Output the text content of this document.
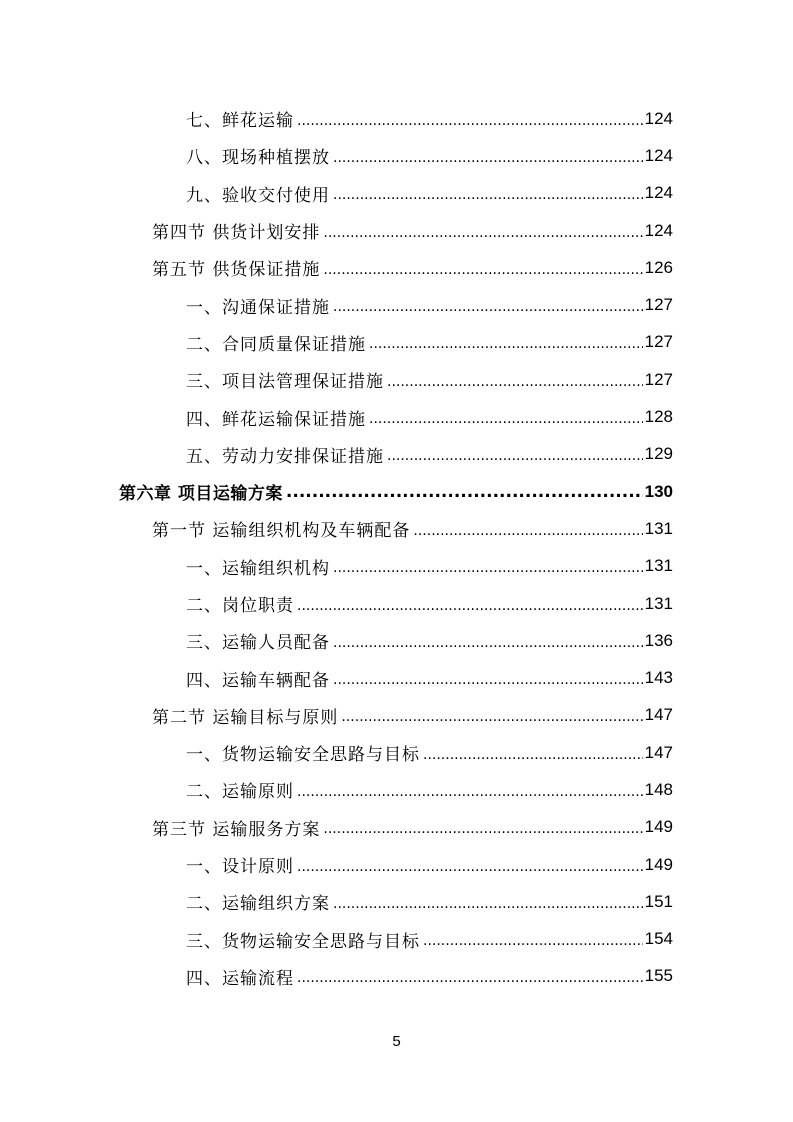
七、鲜花运输 .....	124
八、现场种植摆放 .....	124
九、验收交付使用 .....	124
第四节 供货计划安排 .....	124
第五节 供货保证措施 .....	126
一、沟通保证措施 .....	127
二、合同质量保证措施 .....	127
三、项目法管理保证措施 .....	127
四、鲜花运输保证措施 .....	128
五、劳动力安排保证措施 .....	129
第六章 项目运输方案 .....	130
第一节 运输组织机构及车辆配备 .....	131
一、运输组织机构 .....	131
二、岗位职责 .....	131
三、运输人员配备 .....	136
四、运输车辆配备 .....	143
第二节 运输目标与原则 .....	147
一、货物运输安全思路与目标 .....	147
二、运输原则 .....	148
第三节 运输服务方案 .....	149
一、设计原则 .....	149
二、运输组织方案 .....	151
三、货物运输安全思路与目标 .....	154
四、运输流程 .....	155
5
